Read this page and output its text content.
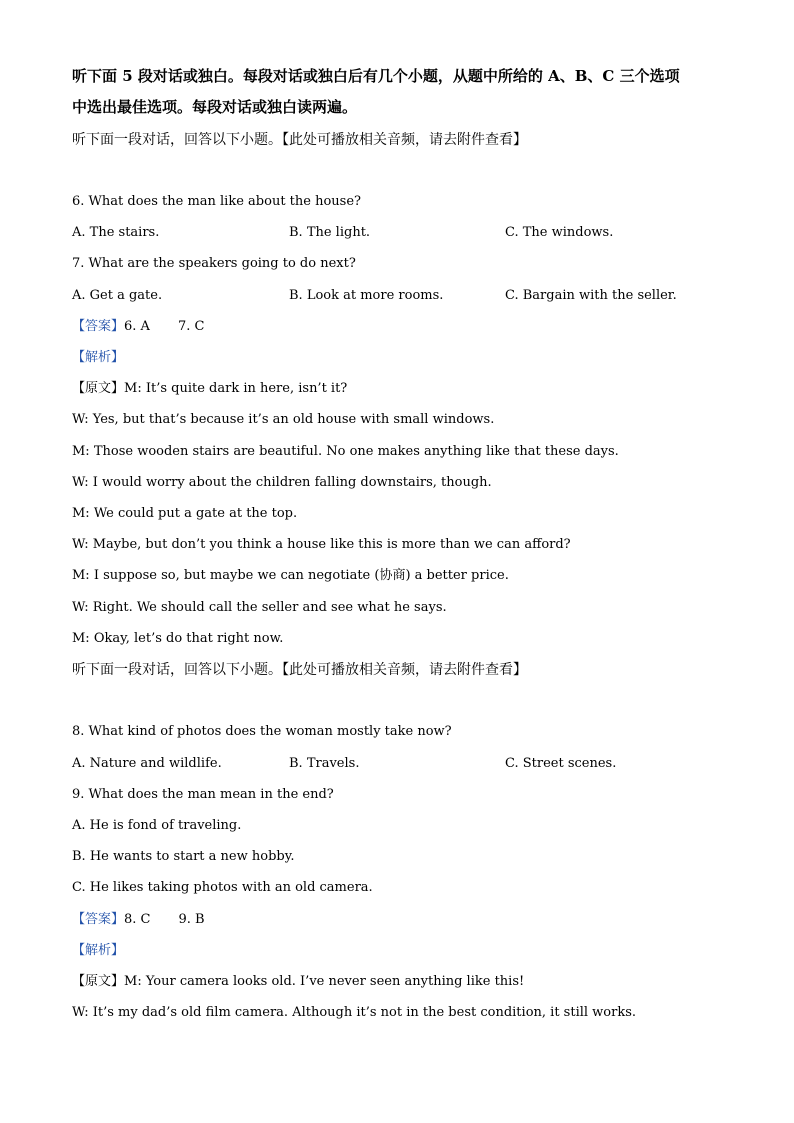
听下面 5 段对话或独白。每段对话或独白后有几个小题，从题中所给的 A、B、C 三个选项
中选出最佳选项。每段对话或独白读两遍。
听下面一段对话，回答以下小题。【此处可播放相关音频，请去附件查看】
6. What does the man like about the house?
A. The stairs.	B. The light.	C. The windows.
7. What are the speakers going to do next?
A. Get a gate.	B. Look at more rooms.	C. Bargain with the seller.
【答案】6. A 7. C
【解析】
【原文】M: It’s quite dark in here, isn’t it?
W: Yes, but that’s because it’s an old house with small windows.
M: Those wooden stairs are beautiful. No one makes anything like that these days.
W: I would worry about the children falling downstairs, though.
M: We could put a gate at the top.
W: Maybe, but don’t you think a house like this is more than we can afford?
M: I suppose so, but maybe we can negotiate (协商) a better price.
W: Right. We should call the seller and see what he says.
M: Okay, let’s do that right now.
听下面一段对话，回答以下小题。【此处可播放相关音频，请去附件查看】
8. What kind of photos does the woman mostly take now?
A. Nature and wildlife.	B. Travels.	C. Street scenes.
9. What does the man mean in the end?
A. He is fond of traveling.
B. He wants to start a new hobby.
C. He likes taking photos with an old camera.
【答案】8. C 9. B
【解析】
【原文】M: Your camera looks old. I’ve never seen anything like this!
W: It’s my dad’s old film camera. Although it’s not in the best condition, it still works.
